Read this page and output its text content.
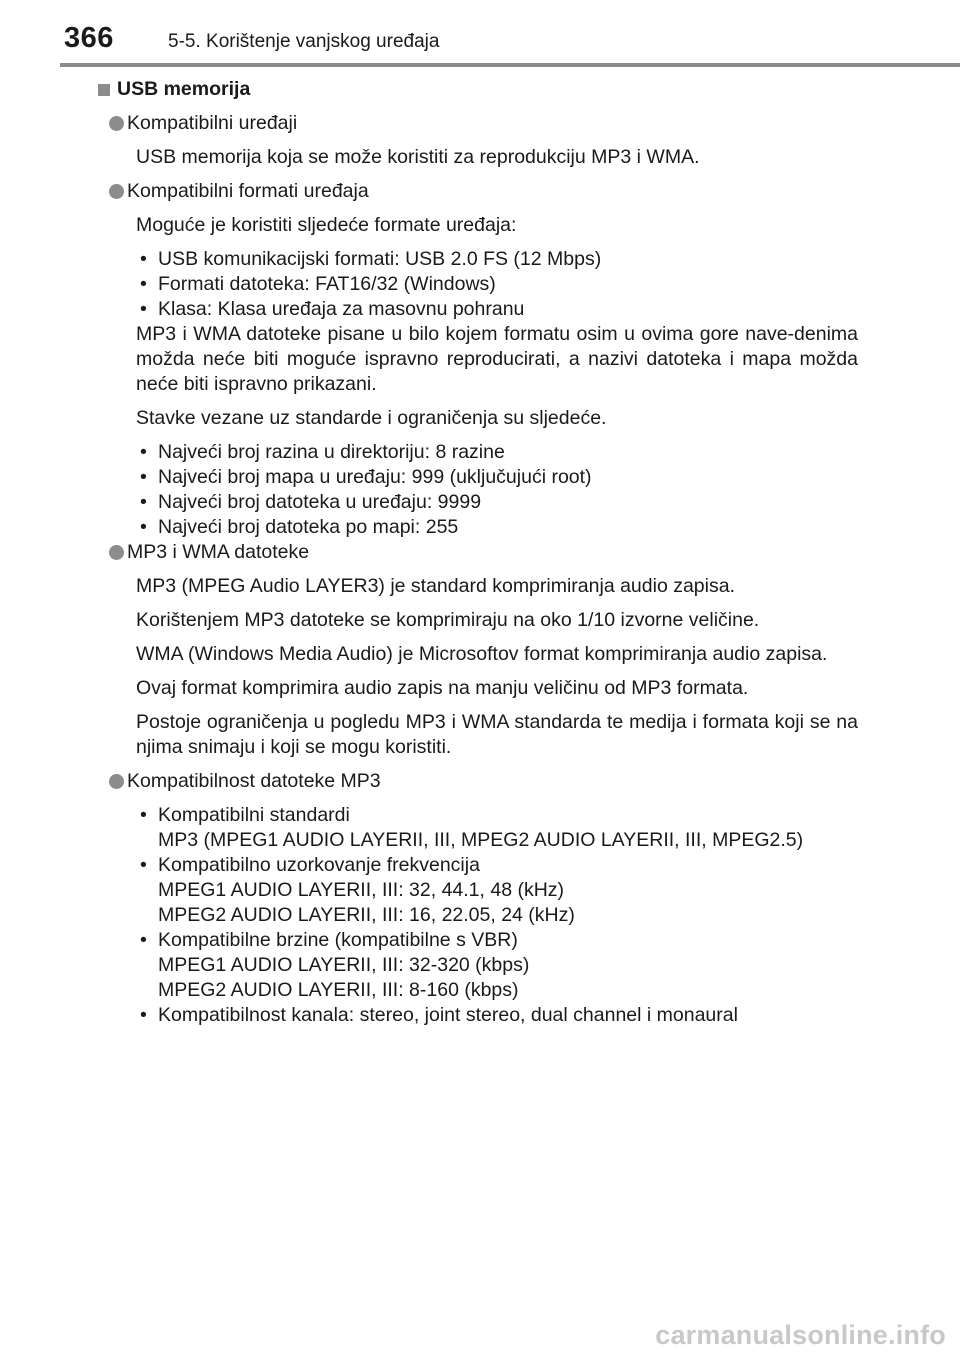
366	5-5. Korištenje vanjskog uređaja
USB memorija
Kompatibilni uređaji
USB memorija koja se može koristiti za reprodukciju MP3 i WMA.
Kompatibilni formati uređaja
Moguće je koristiti sljedeće formate uređaja:
• USB komunikacijski formati: USB 2.0 FS (12 Mbps)
• Formati datoteka: FAT16/32 (Windows)
• Klasa: Klasa uređaja za masovnu pohranu
MP3 i WMA datoteke pisane u bilo kojem formatu osim u ovima gore nave-denima možda neće biti moguće ispravno reproducirati, a nazivi datoteka i mapa možda neće biti ispravno prikazani.
Stavke vezane uz standarde i ograničenja su sljedeće.
• Najveći broj razina u direktoriju: 8 razine
• Najveći broj mapa u uređaju: 999 (uključujući root)
• Najveći broj datoteka u uređaju: 9999
• Najveći broj datoteka po mapi: 255
MP3 i WMA datoteke
MP3 (MPEG Audio LAYER3) je standard komprimiranja audio zapisa.
Korištenjem MP3 datoteke se komprimiraju na oko 1/10 izvorne veličine.
WMA (Windows Media Audio) je Microsoftov format komprimiranja audio zapisa.
Ovaj format komprimira audio zapis na manju veličinu od MP3 formata.
Postoje ograničenja u pogledu MP3 i WMA standarda te medija i formata koji se na njima snimaju i koji se mogu koristiti.
Kompatibilnost datoteke MP3
• Kompatibilni standardi
MP3 (MPEG1 AUDIO LAYERII, III, MPEG2 AUDIO LAYERII, III, MPEG2.5)
• Kompatibilno uzorkovanje frekvencija
MPEG1 AUDIO LAYERII, III: 32, 44.1, 48 (kHz)
MPEG2 AUDIO LAYERII, III: 16, 22.05, 24 (kHz)
• Kompatibilne brzine (kompatibilne s VBR)
MPEG1 AUDIO LAYERII, III: 32-320 (kbps)
MPEG2 AUDIO LAYERII, III: 8-160 (kbps)
• Kompatibilnost kanala: stereo, joint stereo, dual channel i monaural
carmanualsonline.info
